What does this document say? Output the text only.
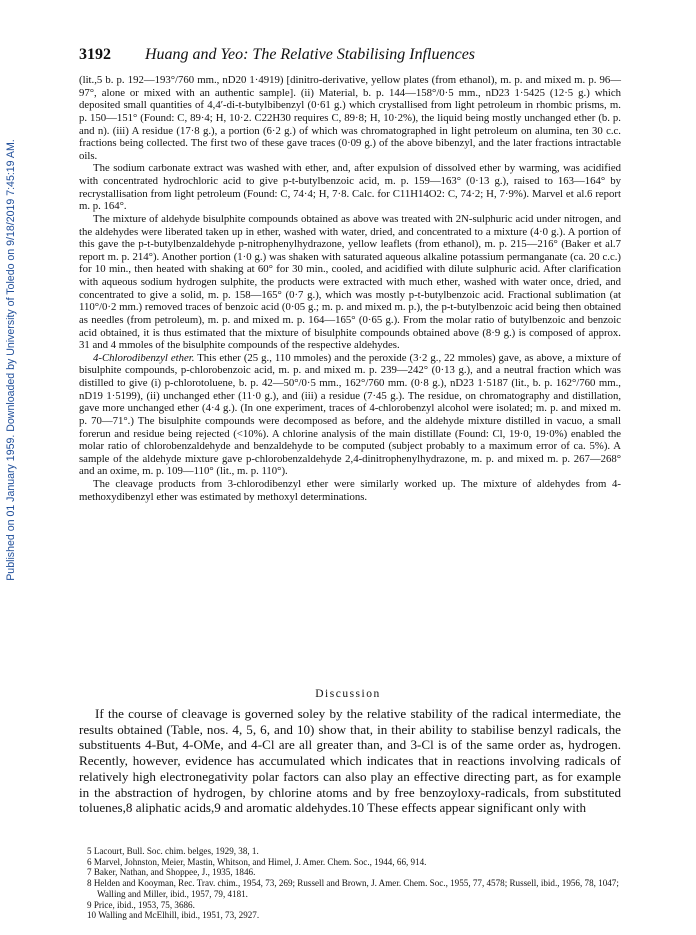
3192 Huang and Yeo: The Relative Stabilising Influences
Published on 01 January 1959. Downloaded by University of Toledo on 9/18/2019 7:45:19 AM.

(lit.,5 b. p. 192—193°/760 mm., nD20 1·4919) [dinitro-derivative, yellow plates (from ethanol), m. p. and mixed m. p. 96—97°, alone or mixed with an authentic sample]. (ii) Material, b. p. 144—158°/0·5 mm., nD23 1·5425 (12·5 g.) which deposited small quantities of 4,4′-di-t-butylbibenzyl (0·61 g.) which crystallised from light petroleum in rhombic prisms, m. p. 150—151° (Found: C, 89·4; H, 10·2. C22H30 requires C, 89·8; H, 10·2%), the liquid being mostly unchanged ether (b. p. and n). (iii) A residue (17·8 g.), a portion (6·2 g.) of which was chromatographed in light petroleum on alumina, ten 30 c.c. fractions being collected. The first two of these gave traces (0·09 g.) of the above bibenzyl, and the later fractions intractable oils.

The sodium carbonate extract was washed with ether, and, after expulsion of dissolved ether by warming, was acidified with concentrated hydrochloric acid to give p-t-butylbenzoic acid, m. p. 159—163° (0·13 g.), raised to 163—164° by recrystallisation from light petroleum (Found: C, 74·4; H, 7·8. Calc. for C11H14O2: C, 74·2; H, 7·9%). Marvel et al.6 report m. p. 164°.

The mixture of aldehyde bisulphite compounds obtained as above was treated with 2N-sulphuric acid under nitrogen, and the aldehydes were liberated taken up in ether, washed with water, dried, and concentrated to a mixture (4·0 g.). A portion of this gave the p-t-butylbenzaldehyde p-nitrophenylhydrazone, yellow leaflets (from ethanol), m. p. 215—216° (Baker et al.7 report m. p. 214°). Another portion (1·0 g.) was shaken with saturated aqueous alkaline potassium permanganate (ca. 20 c.c.) for 10 min., then heated with shaking at 60° for 30 min., cooled, and acidified with dilute sulphuric acid. After clarification with aqueous sodium hydrogen sulphite, the products were extracted with much ether, washed with water once, dried, and concentrated to give a solid, m. p. 158—165° (0·7 g.), which was mostly p-t-butylbenzoic acid. Fractional sublimation (at 110°/0·2 mm.) removed traces of benzoic acid (0·05 g.; m. p. and mixed m. p.), the p-t-butylbenzoic acid being then obtained as needles (from petroleum), m. p. and mixed m. p. 164—165° (0·65 g.). From the molar ratio of butylbenzoic and benzoic acid obtained, it is thus estimated that the mixture of bisulphite compounds obtained above (8·9 g.) is composed of approx. 31 and 4 mmoles of the bisulphite compounds of the respective aldehydes.

4-Chlorodibenzyl ether. This ether (25 g., 110 mmoles) and the peroxide (3·2 g., 22 mmoles) gave, as above, a mixture of bisulphite compounds, p-chlorobenzoic acid, m. p. and mixed m. p. 239—242° (0·13 g.), and a neutral fraction which was distilled to give (i) p-chlorotoluene, b. p. 42—50°/0·5 mm., 162°/760 mm. (0·8 g.), nD23 1·5187 (lit., b. p. 162°/760 mm., nD19 1·5199), (ii) unchanged ether (11·0 g.), and (iii) a residue (7·45 g.). The residue, on chromatography and distillation, gave more unchanged ether (4·4 g.). (In one experiment, traces of 4-chlorobenzyl alcohol were isolated; m. p. and mixed m. p. 70—71°.) The bisulphite compounds were decomposed as before, and the aldehyde mixture distilled in vacuo, a small forerun and residue being rejected (<10%). A chlorine analysis of the main distillate (Found: Cl, 19·0, 19·0%) enabled the molar ratio of chlorobenzaldehyde and benzaldehyde to be computed (subject probably to a maximum error of ca. 5%). A sample of the aldehyde mixture gave p-chlorobenzaldehyde 2,4-dinitrophenylhydrazone, m. p. and mixed m. p. 267—268° and an oxime, m. p. 109—110° (lit., m. p. 110°).

The cleavage products from 3-chlorodibenzyl ether were similarly worked up. The mixture of aldehydes from 4-methoxydibenzyl ether was estimated by methoxyl determinations.

Discussion

If the course of cleavage is governed soley by the relative stability of the radical intermediate, the results obtained (Table, nos. 4, 5, 6, and 10) show that, in their ability to stabilise benzyl radicals, the substituents 4-But, 4-OMe, and 4-Cl are all greater than, and 3-Cl is of the same order as, hydrogen. Recently, however, evidence has accumulated which indicates that in reactions involving radicals of relatively high electronegativity polar factors can also play an effective directing part, as for example in the abstraction of hydrogen, by chlorine atoms and by free benzoyloxy-radicals, from substituted toluenes,8 aliphatic acids,9 and aromatic aldehydes.10 These effects appear significant only with

5 Lacourt, Bull. Soc. chim. belges, 1929, 38, 1.

6 Marvel, Johnston, Meier, Mastin, Whitson, and Himel, J. Amer. Chem. Soc., 1944, 66, 914.

7 Baker, Nathan, and Shoppee, J., 1935, 1846.

8 Helden and Kooyman, Rec. Trav. chim., 1954, 73, 269; Russell and Brown, J. Amer. Chem. Soc., 1955, 77, 4578; Russell, ibid., 1956, 78, 1047; Walling and Miller, ibid., 1957, 79, 4181.

9 Price, ibid., 1953, 75, 3686.

10 Walling and McElhill, ibid., 1951, 73, 2927.
